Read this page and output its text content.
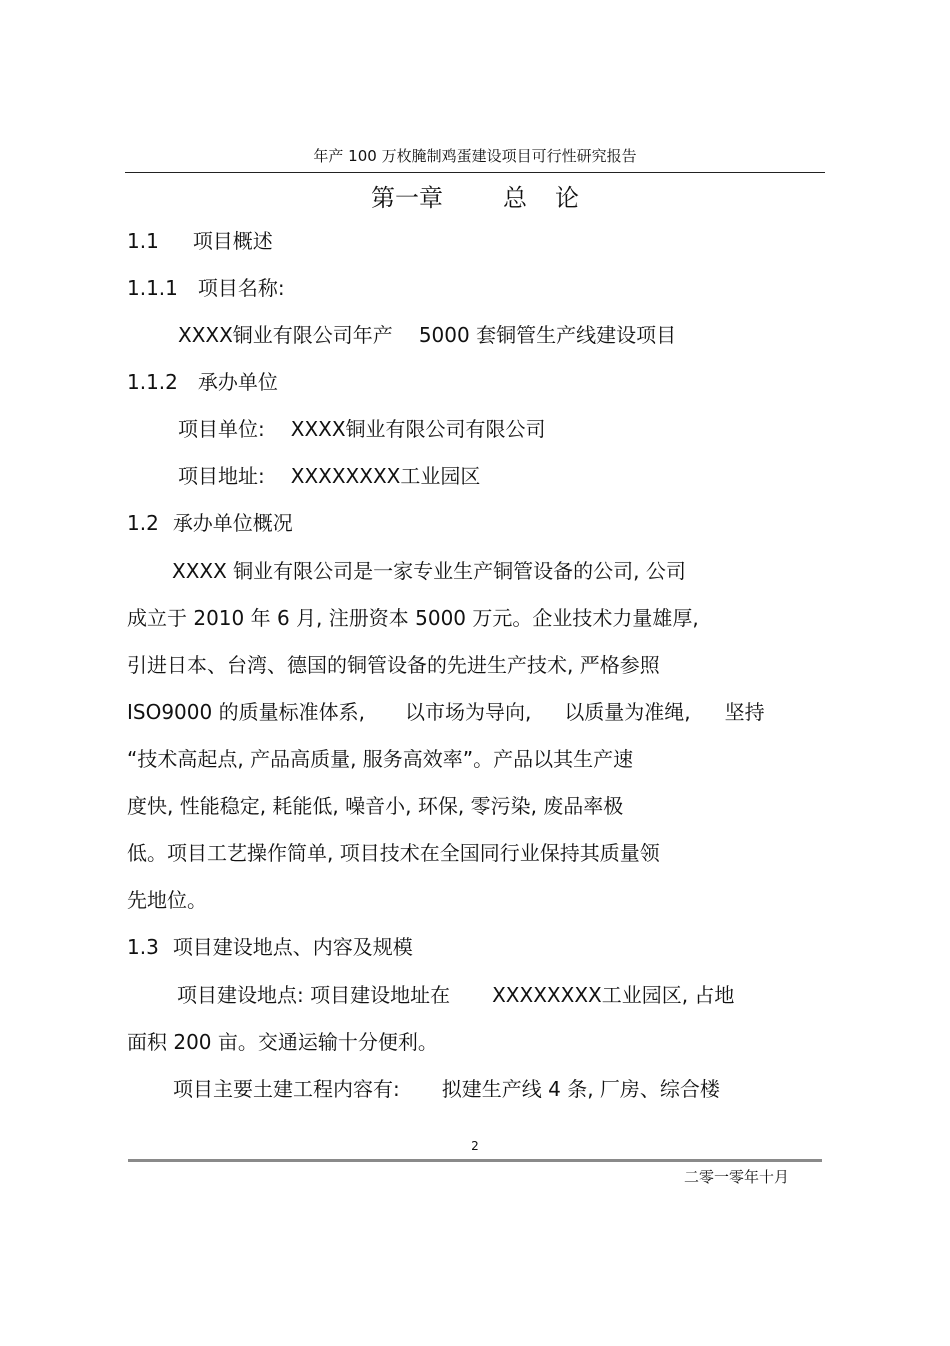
年产 100 万枚腌制鸡蛋建设项目可行性研究报告
第一章	总 论
1.1 项目概述
1.1.1 项目名称:
XXXX铜业有限公司年产 5000 套铜管生产线建设项目
1.1.2 承办单位
项目单位: XXXX铜业有限公司有限公司
项目地址: XXXXXXXX工业园区
1.2 承办单位概况
XXXX 铜业有限公司是一家专业生产铜管设备的公司, 公司
成立于 2010 年 6 月, 注册资本 5000 万元。企业技术力量雄厚,
引进日本、台湾、德国的铜管设备的先进生产技术, 严格参照
ISO9000 的质量标准体系, 以市场为导向, 以质量为准绳, 坚持
“技术高起点, 产品高质量, 服务高效率”。产品以其生产速
度快, 性能稳定, 耗能低, 噪音小, 环保, 零污染, 废品率极
低。项目工艺操作简单, 项目技术在全国同行业保持其质量领
先地位。
1.3 项目建设地点、内容及规模
项目建设地点: 项目建设地址在 XXXXXXXX工业园区, 占地
面积 200 亩。交通运输十分便利。
项目主要土建工程内容有: 拟建生产线 4 条, 厂房、综合楼
2
二零一零年十月
